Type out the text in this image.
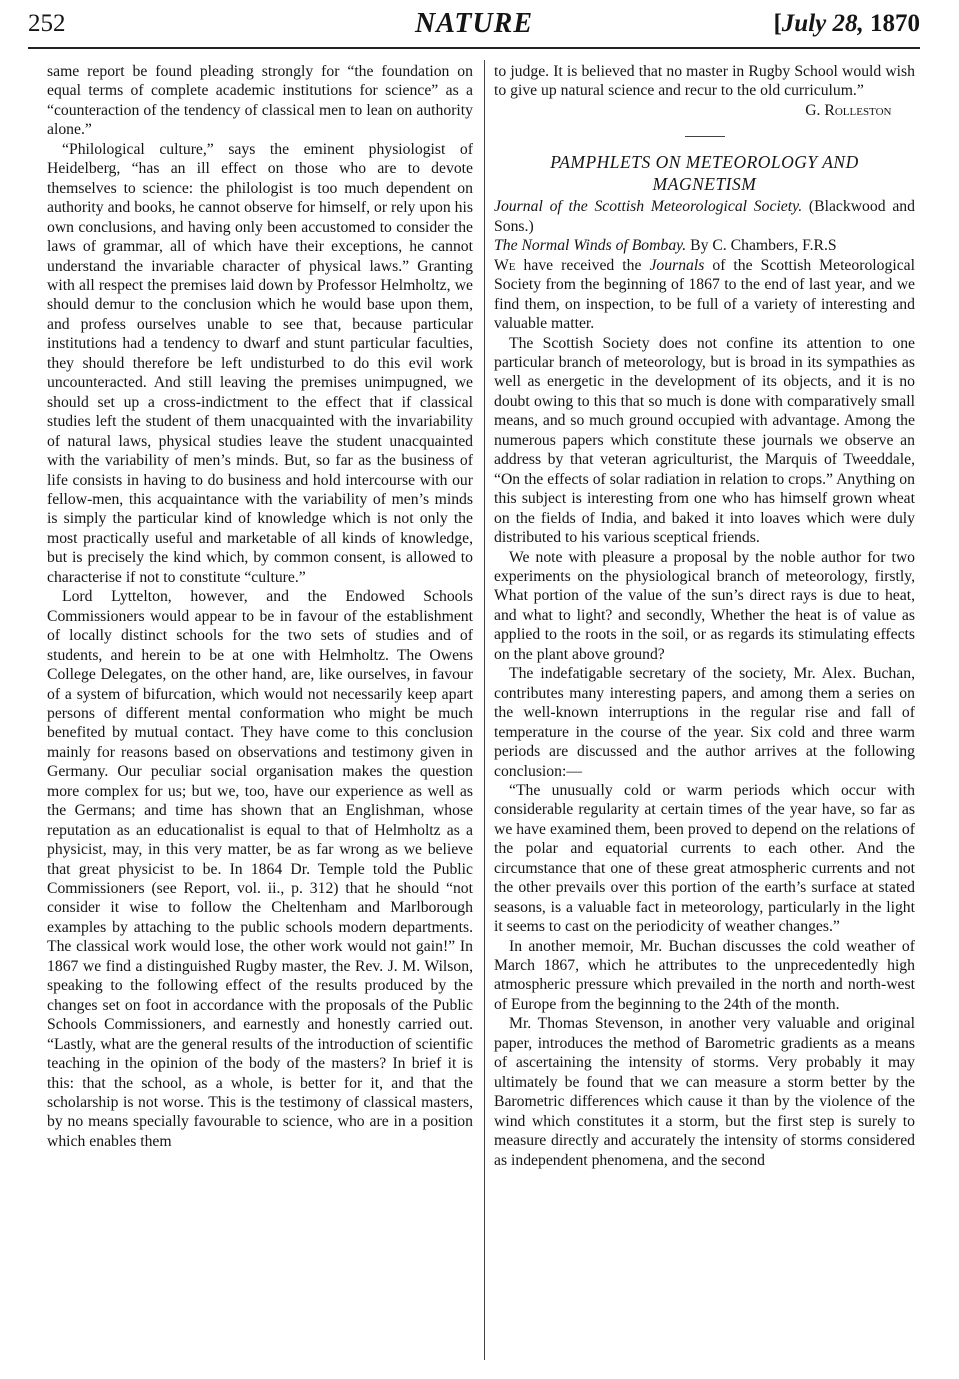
252	NATURE	[July 28, 1870

same report be found pleading strongly for “the foundation on equal terms of complete academic institutions for science” as a “counteraction of the tendency of classical men to lean on authority alone.”

“Philological culture,” says the eminent physiologist of Heidelberg, “has an ill effect on those who are to devote themselves to science: the philologist is too much dependent on authority and books, he cannot observe for himself, or rely upon his own conclusions, and having only been accustomed to consider the laws of grammar, all of which have their exceptions, he cannot understand the invariable character of physical laws.” Granting with all respect the premises laid down by Professor Helmholtz, we should demur to the conclusion which he would base upon them, and profess ourselves unable to see that, because particular institutions had a tendency to dwarf and stunt particular faculties, they should therefore be left undisturbed to do this evil work uncounteracted. And still leaving the premises unimpugned, we should set up a cross-indictment to the effect that if classical studies left the student of them unacquainted with the invariability of natural laws, physical studies leave the student unacquainted with the variability of men’s minds. But, so far as the business of life consists in having to do business and hold intercourse with our fellow-men, this acquaintance with the variability of men’s minds is simply the particular kind of knowledge which is not only the most practically useful and marketable of all kinds of knowledge, but is precisely the kind which, by common consent, is allowed to characterise if not to constitute “culture.”

Lord Lyttelton, however, and the Endowed Schools Commissioners would appear to be in favour of the establishment of locally distinct schools for the two sets of studies and of students, and herein to be at one with Helmholtz. The Owens College Delegates, on the other hand, are, like ourselves, in favour of a system of bifurcation, which would not necessarily keep apart persons of different mental conformation who might be much benefited by mutual contact. They have come to this conclusion mainly for reasons based on observations and testimony given in Germany. Our peculiar social organisation makes the question more complex for us; but we, too, have our experience as well as the Germans; and time has shown that an Englishman, whose reputation as an educationalist is equal to that of Helmholtz as a physicist, may, in this very matter, be as far wrong as we believe that great physicist to be. In 1864 Dr. Temple told the Public Commissioners (see Report, vol. ii., p. 312) that he should “not consider it wise to follow the Cheltenham and Marlborough examples by attaching to the public schools modern departments. The classical work would lose, the other work would not gain!” In 1867 we find a distinguished Rugby master, the Rev. J. M. Wilson, speaking to the following effect of the results produced by the changes set on foot in accordance with the proposals of the Public Schools Commissioners, and earnestly and honestly carried out. “Lastly, what are the general results of the introduction of scientific teaching in the opinion of the body of the masters? In brief it is this: that the school, as a whole, is better for it, and that the scholarship is not worse. This is the testimony of classical masters, by no means specially favourable to science, who are in a position which enables them

to judge. It is believed that no master in Rugby School would wish to give up natural science and recur to the old curriculum.”
G. Rolleston

PAMPHLETS ON METEOROLOGY AND
MAGNETISM

Journal of the Scottish Meteorological Society. (Blackwood and Sons.)

The Normal Winds of Bombay. By C. Chambers, F.R.S

We have received the Journals of the Scottish Meteorological Society from the beginning of 1867 to the end of last year, and we find them, on inspection, to be full of a variety of interesting and valuable matter.

The Scottish Society does not confine its attention to one particular branch of meteorology, but is broad in its sympathies as well as energetic in the development of its objects, and it is no doubt owing to this that so much is done with comparatively small means, and so much ground occupied with advantage. Among the numerous papers which constitute these journals we observe an address by that veteran agriculturist, the Marquis of Tweeddale, “On the effects of solar radiation in relation to crops.” Anything on this subject is interesting from one who has himself grown wheat on the fields of India, and baked it into loaves which were duly distributed to his various sceptical friends.

We note with pleasure a proposal by the noble author for two experiments on the physiological branch of meteorology, firstly, What portion of the value of the sun’s direct rays is due to heat, and what to light? and secondly, Whether the heat is of value as applied to the roots in the soil, or as regards its stimulating effects on the plant above ground?

The indefatigable secretary of the society, Mr. Alex. Buchan, contributes many interesting papers, and among them a series on the well-known interruptions in the regular rise and fall of temperature in the course of the year. Six cold and three warm periods are discussed and the author arrives at the following conclusion:—

“The unusually cold or warm periods which occur with considerable regularity at certain times of the year have, so far as we have examined them, been proved to depend on the relations of the polar and equatorial currents to each other. And the circumstance that one of these great atmospheric currents and not the other prevails over this portion of the earth’s surface at stated seasons, is a valuable fact in meteorology, particularly in the light it seems to cast on the periodicity of weather changes.”

In another memoir, Mr. Buchan discusses the cold weather of March 1867, which he attributes to the unprecedentedly high atmospheric pressure which prevailed in the north and north-west of Europe from the beginning to the 24th of the month.

Mr. Thomas Stevenson, in another very valuable and original paper, introduces the method of Barometric gradients as a means of ascertaining the intensity of storms. Very probably it may ultimately be found that we can measure a storm better by the Barometric differences which cause it than by the violence of the wind which constitutes it a storm, but the first step is surely to measure directly and accurately the intensity of storms considered as independent phenomena, and the second
